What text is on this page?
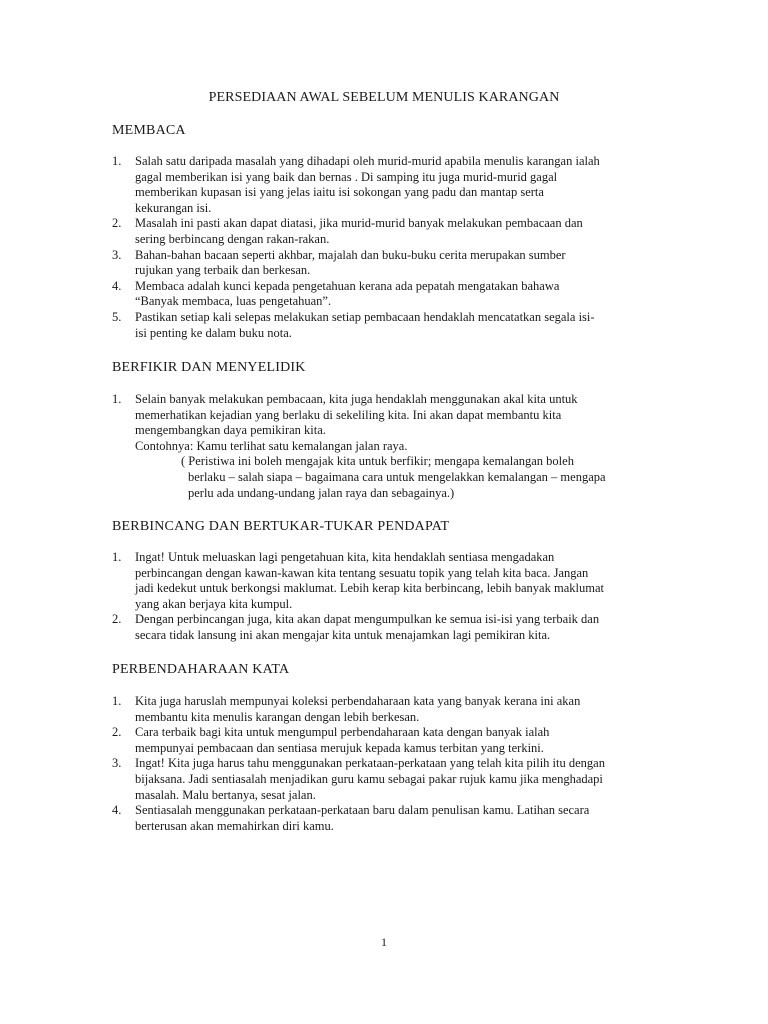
PERSEDIAAN AWAL SEBELUM MENULIS KARANGAN
MEMBACA
1. Salah satu daripada masalah yang dihadapi oleh murid-murid apabila menulis karangan ialah
gagal memberikan isi yang baik dan bernas . Di samping itu juga murid-murid gagal
memberikan kupasan isi yang jelas iaitu isi sokongan yang padu dan mantap serta
kekurangan isi.
2. Masalah ini pasti akan dapat diatasi, jika murid-murid banyak melakukan pembacaan dan
sering berbincang dengan rakan-rakan.
3. Bahan-bahan bacaan seperti akhbar, majalah dan buku-buku cerita merupakan sumber
rujukan yang terbaik dan berkesan.
4. Membaca adalah kunci kepada pengetahuan kerana ada pepatah mengatakan bahawa
“Banyak membaca, luas pengetahuan”.
5. Pastikan setiap kali selepas melakukan setiap pembacaan hendaklah mencatatkan segala isi-
isi penting ke dalam buku nota.
BERFIKIR DAN MENYELIDIK
1. Selain banyak melakukan pembacaan, kita juga hendaklah menggunakan akal kita untuk
memerhatikan kejadian yang berlaku di sekeliling kita. Ini akan dapat membantu kita
mengembangkan daya pemikiran kita.
Contohnya: Kamu terlihat satu kemalangan jalan raya.
( Peristiwa ini boleh mengajak kita untuk berfikir; mengapa kemalangan boleh
berlaku – salah siapa – bagaimana cara untuk mengelakkan kemalangan – mengapa
perlu ada undang-undang jalan raya dan sebagainya.)
BERBINCANG DAN BERTUKAR-TUKAR PENDAPAT
1. Ingat! Untuk meluaskan lagi pengetahuan kita, kita hendaklah sentiasa mengadakan
perbincangan dengan kawan-kawan kita tentang sesuatu topik yang telah kita baca. Jangan
jadi kedekut untuk berkongsi maklumat. Lebih kerap kita berbincang, lebih banyak maklumat
yang akan berjaya kita kumpul.
2. Dengan perbincangan juga, kita akan dapat mengumpulkan ke semua isi-isi yang terbaik dan
secara tidak lansung ini akan mengajar kita untuk menajamkan lagi pemikiran kita.
PERBENDAHARAAN KATA
1. Kita juga haruslah mempunyai koleksi perbendaharaan kata yang banyak kerana ini akan
membantu kita menulis karangan dengan lebih berkesan.
2. Cara terbaik bagi kita untuk mengumpul perbendaharaan kata dengan banyak ialah
mempunyai pembacaan dan sentiasa merujuk kepada kamus terbitan yang terkini.
3. Ingat! Kita juga harus tahu menggunakan perkataan-perkataan yang telah kita pilih itu dengan
bijaksana. Jadi sentiasalah menjadikan guru kamu sebagai pakar rujuk kamu jika menghadapi
masalah. Malu bertanya, sesat jalan.
4. Sentiasalah menggunakan perkataan-perkataan baru dalam penulisan kamu. Latihan secara
berterusan akan memahirkan diri kamu.
1
